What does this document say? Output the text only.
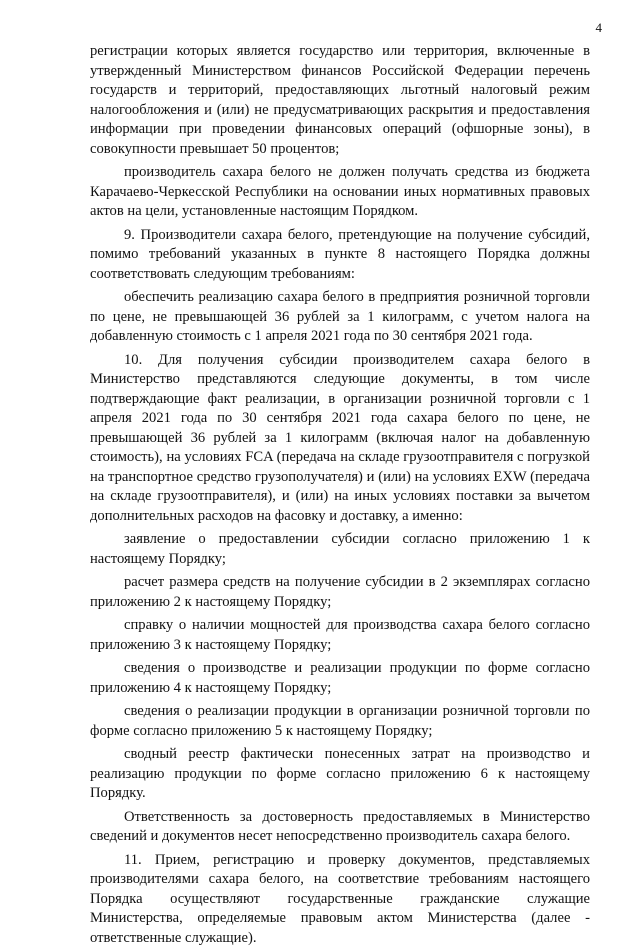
4

регистрации которых является государство или территория, включенные в утвержденный Министерством финансов Российской Федерации перечень государств и территорий, предоставляющих льготный налоговый режим налогообложения и (или) не предусматривающих раскрытия и предоставления информации при проведении финансовых операций (офшорные зоны), в совокупности превышает 50 процентов;

производитель сахара белого не должен получать средства из бюджета Карачаево-Черкесской Республики на основании иных нормативных правовых актов на цели, установленные настоящим Порядком.

9. Производители сахара белого, претендующие на получение субсидий, помимо требований указанных в пункте 8 настоящего Порядка должны соответствовать следующим требованиям:

обеспечить реализацию сахара белого в предприятия розничной торговли по цене, не превышающей 36 рублей за 1 килограмм, с учетом налога на добавленную стоимость с 1 апреля 2021 года по 30 сентября 2021 года.

10. Для получения субсидии производителем сахара белого в Министерство представляются следующие документы, в том числе подтверждающие факт реализации, в организации розничной торговли с 1 апреля 2021 года по 30 сентября 2021 года сахара белого по цене, не превышающей 36 рублей за 1 килограмм (включая налог на добавленную стоимость), на условиях FCA (передача на складе грузоотправителя с погрузкой на транспортное средство грузополучателя) и (или) на условиях EXW (передача на складе грузоотправителя), и (или) на иных условиях поставки за вычетом дополнительных расходов на фасовку и доставку, а именно:

заявление о предоставлении субсидии согласно приложению 1 к настоящему Порядку;

расчет размера средств на получение субсидии в 2 экземплярах согласно приложению 2 к настоящему Порядку;

справку о наличии мощностей для производства сахара белого согласно приложению 3 к настоящему Порядку;

сведения о производстве и реализации продукции по форме согласно приложению 4 к настоящему Порядку;

сведения о реализации продукции в организации розничной торговли по форме согласно приложению 5 к настоящему Порядку;

сводный реестр фактически понесенных затрат на производство и реализацию продукции по форме согласно приложению 6 к настоящему Порядку.

Ответственность за достоверность предоставляемых в Министерство сведений и документов несет непосредственно производитель сахара белого.

11. Прием, регистрацию и проверку документов, представляемых производителями сахара белого, на соответствие требованиям настоящего Порядка осуществляют государственные гражданские служащие Министерства, определяемые правовым актом Министерства (далее - ответственные служащие).
